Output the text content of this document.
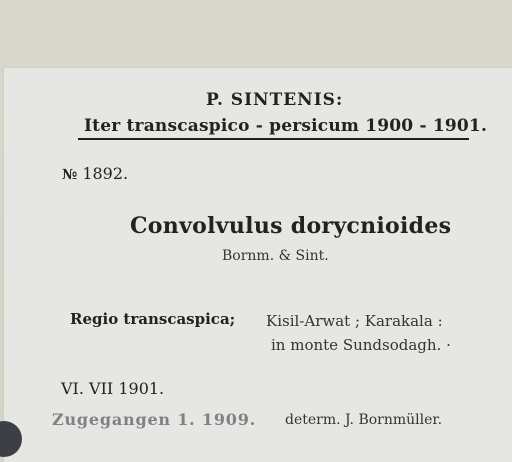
P. SINTENIS:
Iter transcaspico - persicum 1900 - 1901.
№ 1892.
Convolvulus dorycnioides
Bornm. & Sint.
Regio transcaspica; Kisil-Arwat ; Karakala :
in monte Sundsodagh. ·
VI. VII 1901.
Zugegangen 1. 1909. determ. J. Bornmüller.
